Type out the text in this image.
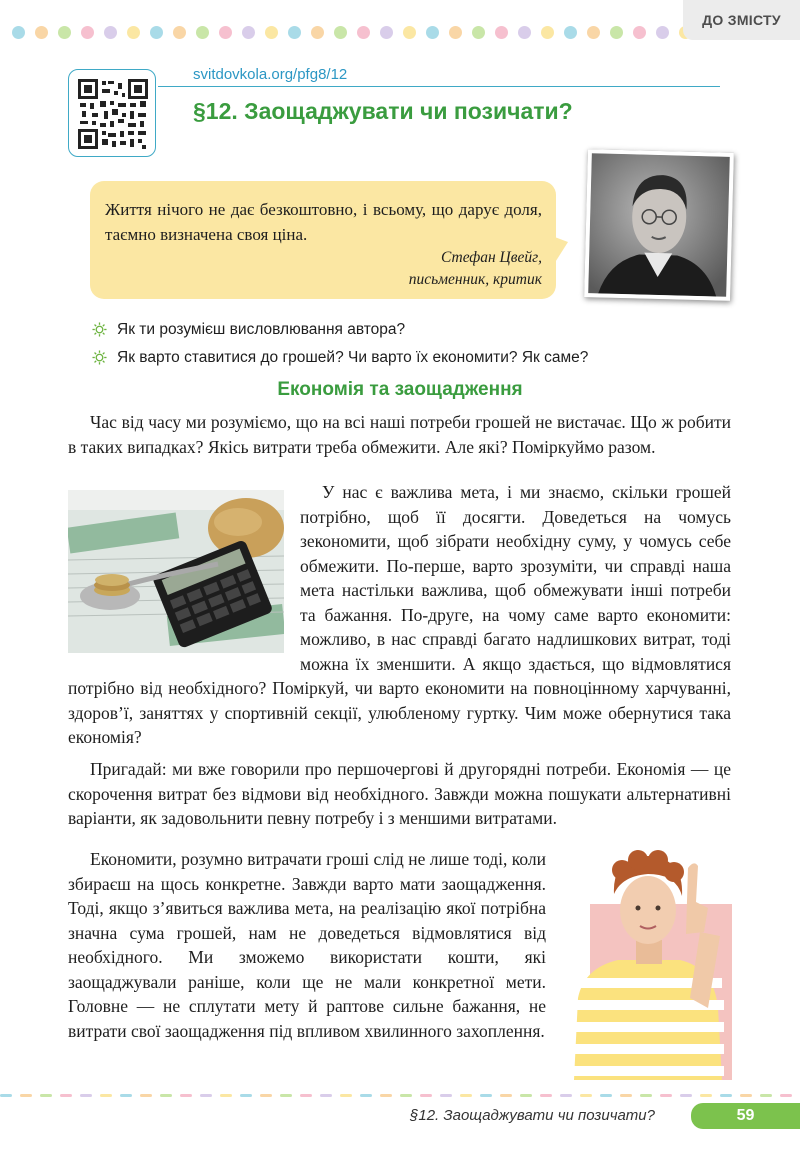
ДО ЗМІСТУ
svitdovkola.org/pfg8/12
§12. Заощаджувати чи позичати?

Життя нічого не дає безкоштовно, і всьому, що дарує доля, таємно визначена своя ціна.

Стефан Цвейг,
письменник, критик
Як ти розумієш висловлювання автора?
Як варто ставитися до грошей? Чи варто їх економити? Як саме?
Економія та заощадження

Час від часу ми розуміємо, що на всі наші потреби грошей не вистачає. Що ж робити в таких випадках? Якісь витрати треба обмежити. Але які? Поміркуймо разом.

У нас є важлива мета, і ми знаємо, скільки грошей потрібно, щоб її досягти. Доведеться на чомусь зекономити, щоб зібрати необхідну суму, у чомусь себе обмежити. По-перше, варто зрозуміти, чи справді наша мета настільки важлива, щоб обмежувати інші потреби та бажання. По-друге, на чому саме варто економити: можливо, в нас справді багато надлишкових витрат, тоді можна їх зменшити. А якщо здається, що відмовлятися потрібно від необхідного? Поміркуй, чи варто економити на повноцінному харчуванні, здоров’ї, заняттях у спортивній секції, улюбленому гуртку. Чим може обернутися така економія?

Пригадай: ми вже говорили про першочергові й другорядні потреби. Економія — це скорочення витрат без відмови від необхідного. Завжди можна пошукати альтернативні варіанти, як задовольнити певну потребу і з меншими витратами.

Економити, розумно витрачати гроші слід не лише тоді, коли збираєш на щось конкретне. Завжди варто мати заощадження. Тоді, якщо з’явиться важлива мета, на реалізацію якої потрібна значна сума грошей, нам не доведеться відмовлятися від необхідного. Ми зможемо використати кошти, які заощаджували раніше, коли ще не мали конкретної мети. Головне — не сплутати мету й раптове сильне бажання, не витрати свої заощадження під впливом хвилинного захоплення.

§12. Заощаджувати чи позичати?	59
